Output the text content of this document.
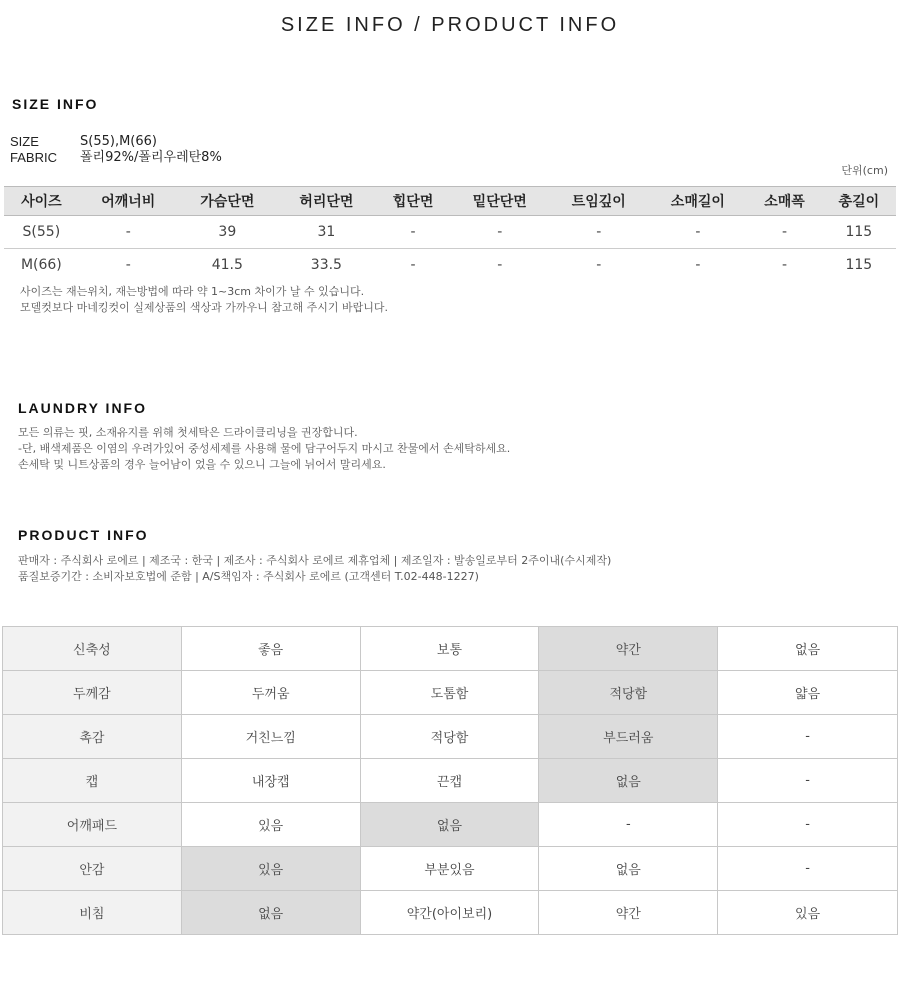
SIZE INFO / PRODUCT INFO
SIZE INFO
SIZE	S(55),M(66)
FABRIC	폴리92%/폴리우레탄8%
단위(cm)
사이즈	어깨너비	가슴단면	허리단면	힙단면	밑단단면	트임깊이	소매길이	소매폭	총길이
S(55)	-	39	31	-	-	-	-	-	115
M(66)	-	41.5	33.5	-	-	-	-	-	115
사이즈는 재는위치, 재는방법에 따라 약 1~3cm 차이가 날 수 있습니다.
모델컷보다 마네킹컷이 실제상품의 색상과 가까우니 참고해 주시기 바랍니다.
LAUNDRY INFO
모든 의류는 핏, 소재유지를 위해 첫세탁은 드라이클리닝을 권장합니다.
-단, 배색제품은 이염의 우려가있어 중성세제를 사용해 물에 담구어두지 마시고 찬물에서 손세탁하세요.
손세탁 및 니트상품의 경우 늘어남이 었을 수 있으니 그늘에 뉘어서 말리세요.
PRODUCT INFO
판매자 : 주식회사 로에르 | 제조국 : 한국 | 제조사 : 주식회사 로에르 제휴업체 | 제조일자 : 발송일로부터 2주이내(수시제작)
품질보증기간 : 소비자보호법에 준함 | A/S책임자 : 주식회사 로에르 (고객센터 T.02-448-1227)
신축성	좋음	보통	약간	없음
두께감	두꺼움	도톰함	적당함	얇음
촉감	거친느낌	적당함	부드러움	-
캡	내장캡	끈캡	없음	-
어깨패드	있음	없음	-	-
안감	있음	부분있음	없음	-
비침	없음	약간(아이보리)	약간	있음
